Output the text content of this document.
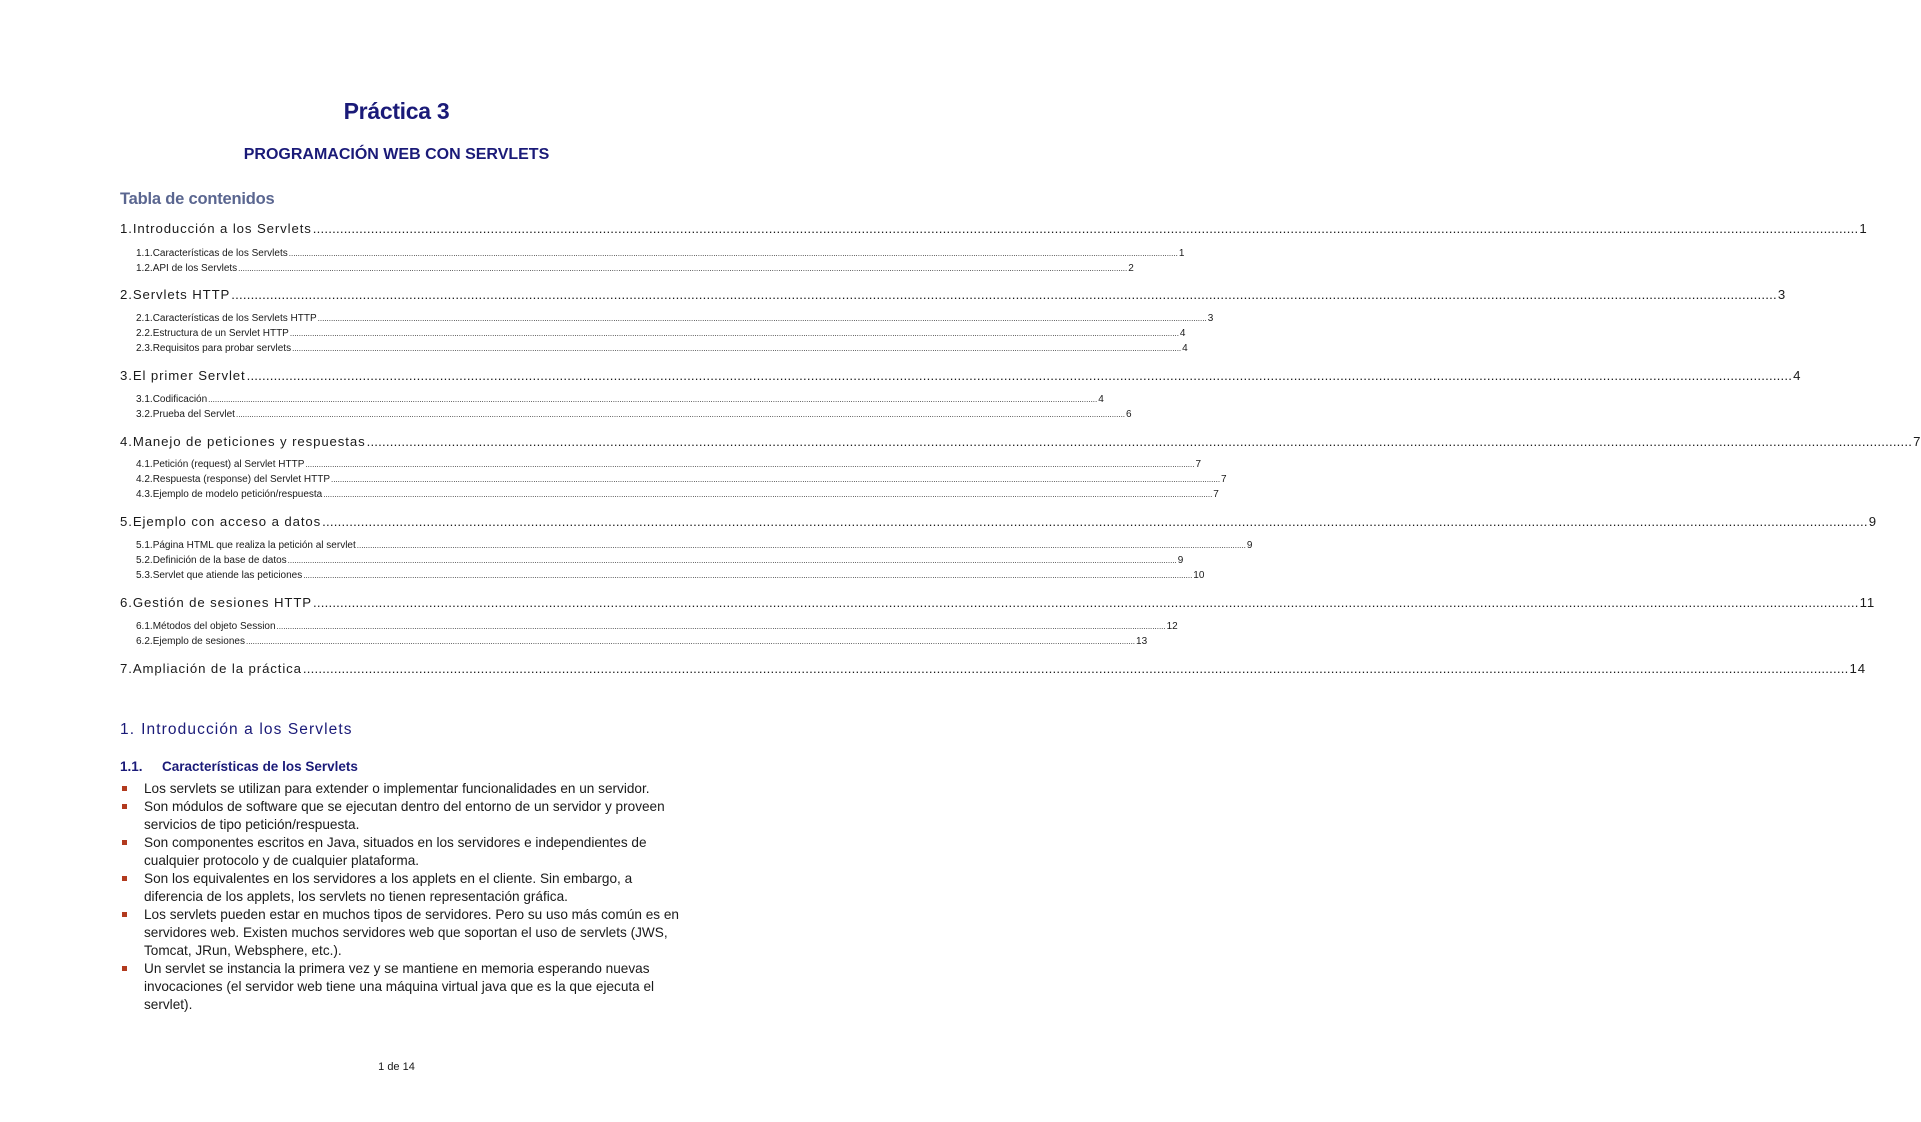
Práctica 3
PROGRAMACIÓN WEB CON SERVLETS
Tabla de contenidos
1. Introducción a los Servlets ................................................................................................................................................................................................................................................................................................................................................................................................................ 1
1.1. Características de los Servlets ................................................................................................................................................................................................................................................................................................................................................................................................................ 1
1.2. API de los Servlets ................................................................................................................................................................................................................................................................................................................................................................................................................ 2
2. Servlets HTTP ................................................................................................................................................................................................................................................................................................................................................................................................................ 3
2.1. Características de los Servlets HTTP ................................................................................................................................................................................................................................................................................................................................................................................................................ 3
2.2. Estructura de un Servlet HTTP ................................................................................................................................................................................................................................................................................................................................................................................................................ 4
2.3. Requisitos para probar servlets ................................................................................................................................................................................................................................................................................................................................................................................................................ 4
3. El primer Servlet ................................................................................................................................................................................................................................................................................................................................................................................................................ 4
3.1. Codificación ................................................................................................................................................................................................................................................................................................................................................................................................................ 4
3.2. Prueba del Servlet ................................................................................................................................................................................................................................................................................................................................................................................................................ 6
4. Manejo de peticiones y respuestas ................................................................................................................................................................................................................................................................................................................................................................................................................ 7
4.1. Petición (request) al Servlet HTTP ................................................................................................................................................................................................................................................................................................................................................................................................................ 7
4.2. Respuesta (response) del Servlet HTTP ................................................................................................................................................................................................................................................................................................................................................................................................................ 7
4.3. Ejemplo de modelo petición/respuesta ................................................................................................................................................................................................................................................................................................................................................................................................................ 7
5. Ejemplo con acceso a datos ................................................................................................................................................................................................................................................................................................................................................................................................................ 9
5.1. Página HTML que realiza la petición al servlet ................................................................................................................................................................................................................................................................................................................................................................................................................ 9
5.2. Definición de la base de datos ................................................................................................................................................................................................................................................................................................................................................................................................................ 9
5.3. Servlet que atiende las peticiones ................................................................................................................................................................................................................................................................................................................................................................................................................ 10
6. Gestión de sesiones HTTP ................................................................................................................................................................................................................................................................................................................................................................................................................ 11
6.1. Métodos del objeto Session ................................................................................................................................................................................................................................................................................................................................................................................................................ 12
6.2. Ejemplo de sesiones ................................................................................................................................................................................................................................................................................................................................................................................................................ 13
7. Ampliación de la práctica ................................................................................................................................................................................................................................................................................................................................................................................................................ 14
1. Introducción a los Servlets
1.1. Características de los Servlets
Los servlets se utilizan para extender o implementar funcionalidades en un servidor.
Son módulos de software que se ejecutan dentro del entorno de un servidor y proveen servicios de tipo petición/respuesta.
Son componentes escritos en Java, situados en los servidores e independientes de cualquier protocolo y de cualquier plataforma.
Son los equivalentes en los servidores a los applets en el cliente. Sin embargo, a diferencia de los applets, los servlets no tienen representación gráfica.
Los servlets pueden estar en muchos tipos de servidores. Pero su uso más común es en servidores web. Existen muchos servidores web que soportan el uso de servlets (JWS, Tomcat, JRun, Websphere, etc.).
Un servlet se instancia la primera vez y se mantiene en memoria esperando nuevas invocaciones (el servidor web tiene una máquina virtual java que es la que ejecuta el servlet).
1 de 14
